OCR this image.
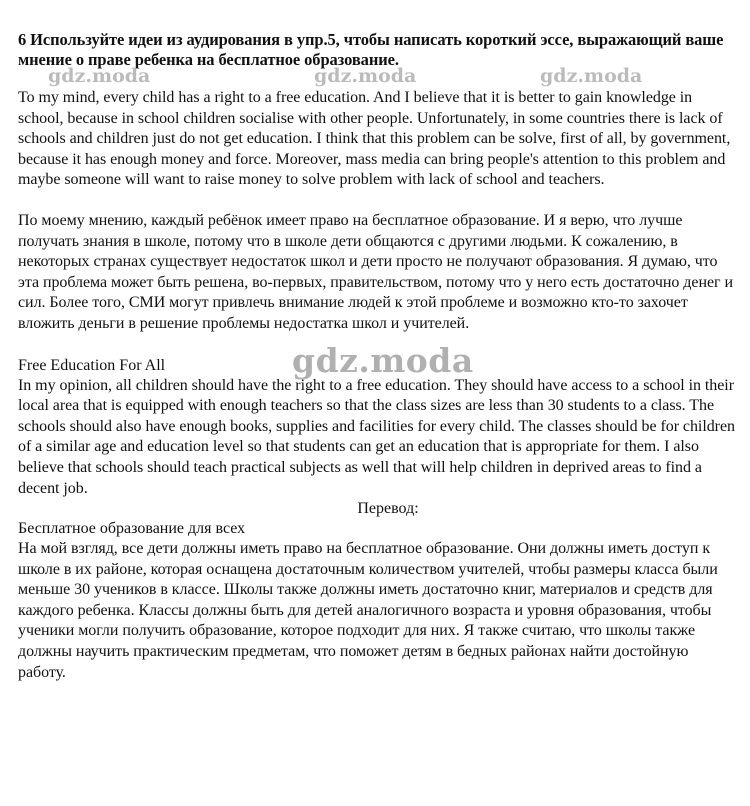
6 Используйте идеи из аудирования в упр.5, чтобы написать короткий эссе, выражающий ваше мнение о праве ребенка на бесплатное образование.

gdz.moda	gdz.moda	gdz.moda

To my mind, every child has a right to a free education. And I believe that it is better to gain knowledge in school, because in school children socialise with other people. Unfortunately, in some countries there is lack of schools and children just do not get education. I think that this problem can be solve, first of all, by government, because it has enough money and force. Moreover, mass media can bring people's attention to this problem and maybe someone will want to raise money to solve problem with lack of school and teachers.

По моему мнению, каждый ребёнок имеет право на бесплатное образование. И я верю, что лучше получать знания в школе, потому что в школе дети общаются с другими людьми. К сожалению, в некоторых странах существует недостаток школ и дети просто не получают образования. Я думаю, что эта проблема может быть решена, во-первых, правительством, потому что у него есть достаточно денег и сил. Более того, СМИ могут привлечь внимание людей к этой проблеме и возможно кто-то захочет вложить деньги в решение проблемы недостатка школ и учителей.

Free Education For All	gdz.moda

In my opinion, all children should have the right to a free education. They should have access to a school in their local area that is equipped with enough teachers so that the class sizes are less than 30 students to a class. The schools should also have enough books, supplies and facilities for every child. The classes should be for children of a similar age and education level so that students can get an education that is appropriate for them. I also believe that schools should teach practical subjects as well that will help children in deprived areas to find a decent job.

Перевод:
Бесплатное образование для всех

На мой взгляд, все дети должны иметь право на бесплатное образование. Они должны иметь доступ к школе в их районе, которая оснащена достаточным количеством учителей, чтобы размеры класса были меньше 30 учеников в классе. Школы также должны иметь достаточно книг, материалов и средств для каждого ребенка. Классы должны быть для детей аналогичного возраста и уровня образования, чтобы ученики могли получить образование, которое подходит для них. Я также считаю, что школы также должны научить практическим предметам, что поможет детям в бедных районах найти достойную работу.
